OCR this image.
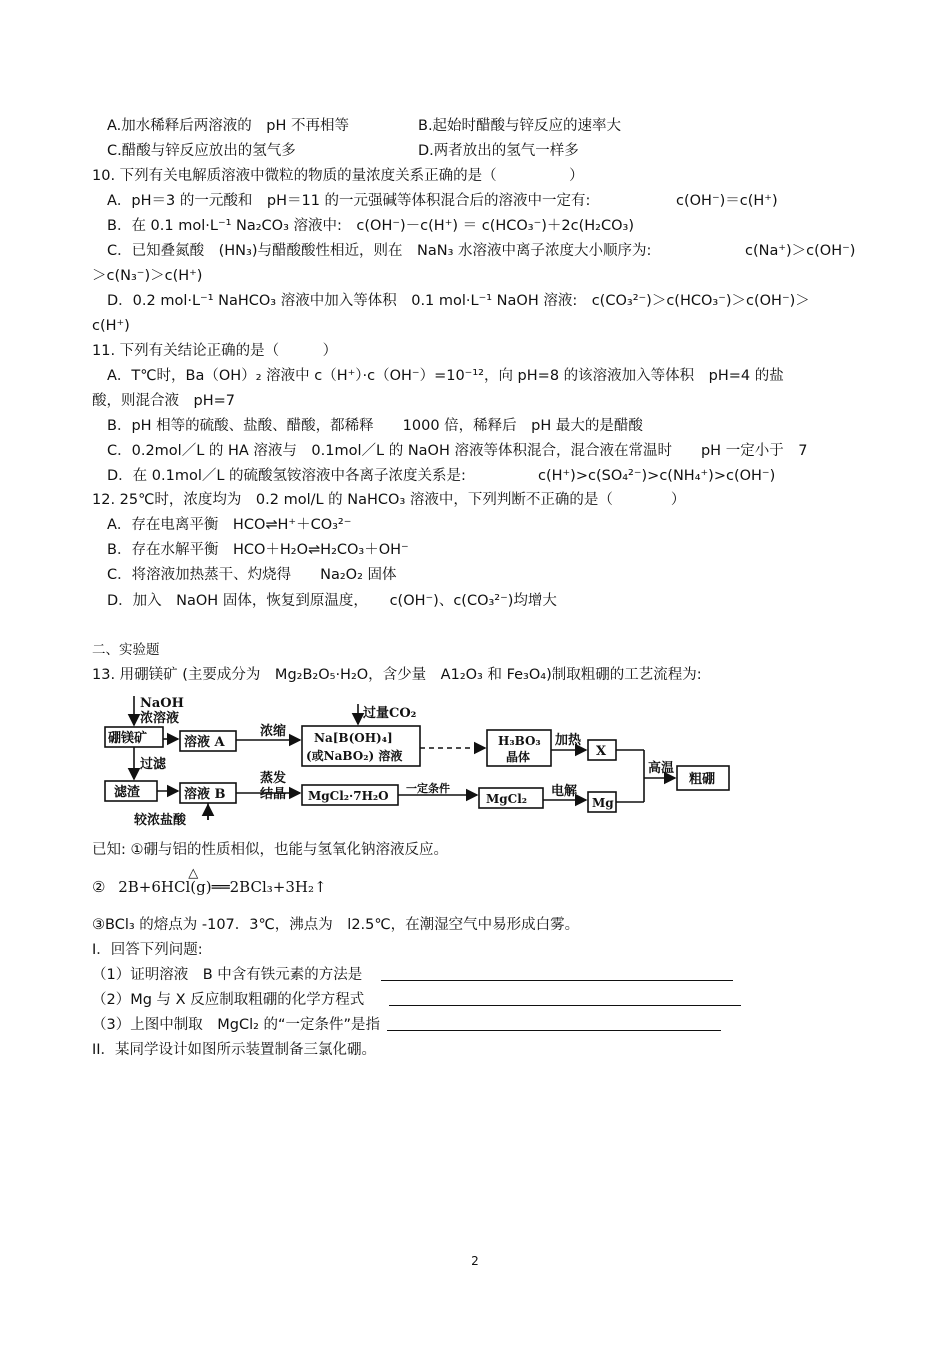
A.加水稀释后两溶液的　pH 不再相等	B.起始时醋酸与锌反应的速率大
C.醋酸与锌反应放出的氢气多	D.两者放出的氢气一样多
10. 下列有关电解质溶液中微粒的物质的量浓度关系正确的是（　　　　　）
A．pH＝3 的一元酸和　pH＝11 的一元强碱等体积混合后的溶液中一定有:	c(OH⁻)＝c(H⁺)
B．在 0.1 mol·L⁻¹ Na₂CO₃ 溶液中:　c(OH⁻)－c(H⁺) ＝ c(HCO₃⁻)＋2c(H₂CO₃)
C．已知叠氮酸　(HN₃)与醋酸酸性相近，则在　NaN₃ 水溶液中离子浓度大小顺序为:	c(Na⁺)＞c(OH⁻)
＞c(N₃⁻)＞c(H⁺)
D．0.2 mol·L⁻¹ NaHCO₃ 溶液中加入等体积　0.1 mol·L⁻¹ NaOH 溶液:　c(CO₃²⁻)＞c(HCO₃⁻)＞c(OH⁻)＞
c(H⁺)
11. 下列有关结论正确的是（　　　）
A．T℃时，Ba（OH）₂ 溶液中 c（H⁺）·c（OH⁻）=10⁻¹²，向 pH=8 的该溶液加入等体积　pH=4 的盐
酸，则混合液　pH=7
B．pH 相等的硫酸、盐酸、醋酸，都稀释　　1000 倍，稀释后　pH 最大的是醋酸
C．0.2mol／L 的 HA 溶液与　0.1mol／L 的 NaOH 溶液等体积混合，混合液在常温时　　pH 一定小于　7
D．在 0.1mol／L 的硫酸氢铵溶液中各离子浓度关系是:	c(H⁺)>c(SO₄²⁻)>c(NH₄⁺)>c(OH⁻)
12. 25℃时，浓度均为　0.2 mol/L 的 NaHCO₃ 溶液中，下列判断不正确的是（　　　　）
A．存在电离平衡　HCO⇌H⁺＋CO₃²⁻
B．存在水解平衡　HCO＋H₂O⇌H₂CO₃＋OH⁻
C．将溶液加热蒸干、灼烧得　　Na₂O₂ 固体
D．加入　NaOH 固体，恢复到原温度，　　c(OH⁻)、c(CO₃²⁻)均增大
二、实验题
13. 用硼镁矿 (主要成分为　Mg₂B₂O₅·H₂O，含少量　A1₂O₃ 和 Fe₃O₄)制取粗硼的工艺流程为:
NaOH
浓溶液
硼镁矿	溶液 A
浓缩
过量CO₂
Na[B(OH)₄]
(或NaBO₂) 溶液
H₃BO₃
晶体
加热
X
高温
粗硼
过滤
滤渣	溶液 B
蒸发
结晶 MgCl₂·7H₂O
一定条件
MgCl₂ 电解
Mg
较浓盐酸
已知: ①硼与铝的性质相似，也能与氢氧化钠溶液反应。
②
△
2B+6HCl(g)══2BCl₃+3H₂↑
③BCl₃ 的熔点为 -107．3℃，沸点为　l2.5℃，在潮湿空气中易形成白雾。
I．回答下列问题:
（1）证明溶液　B 中含有铁元素的方法是
（2）Mg 与 X 反应制取粗硼的化学方程式
（3）上图中制取　MgCl₂ 的“一定条件”是指
II．某同学设计如图所示装置制备三氯化硼。
2
